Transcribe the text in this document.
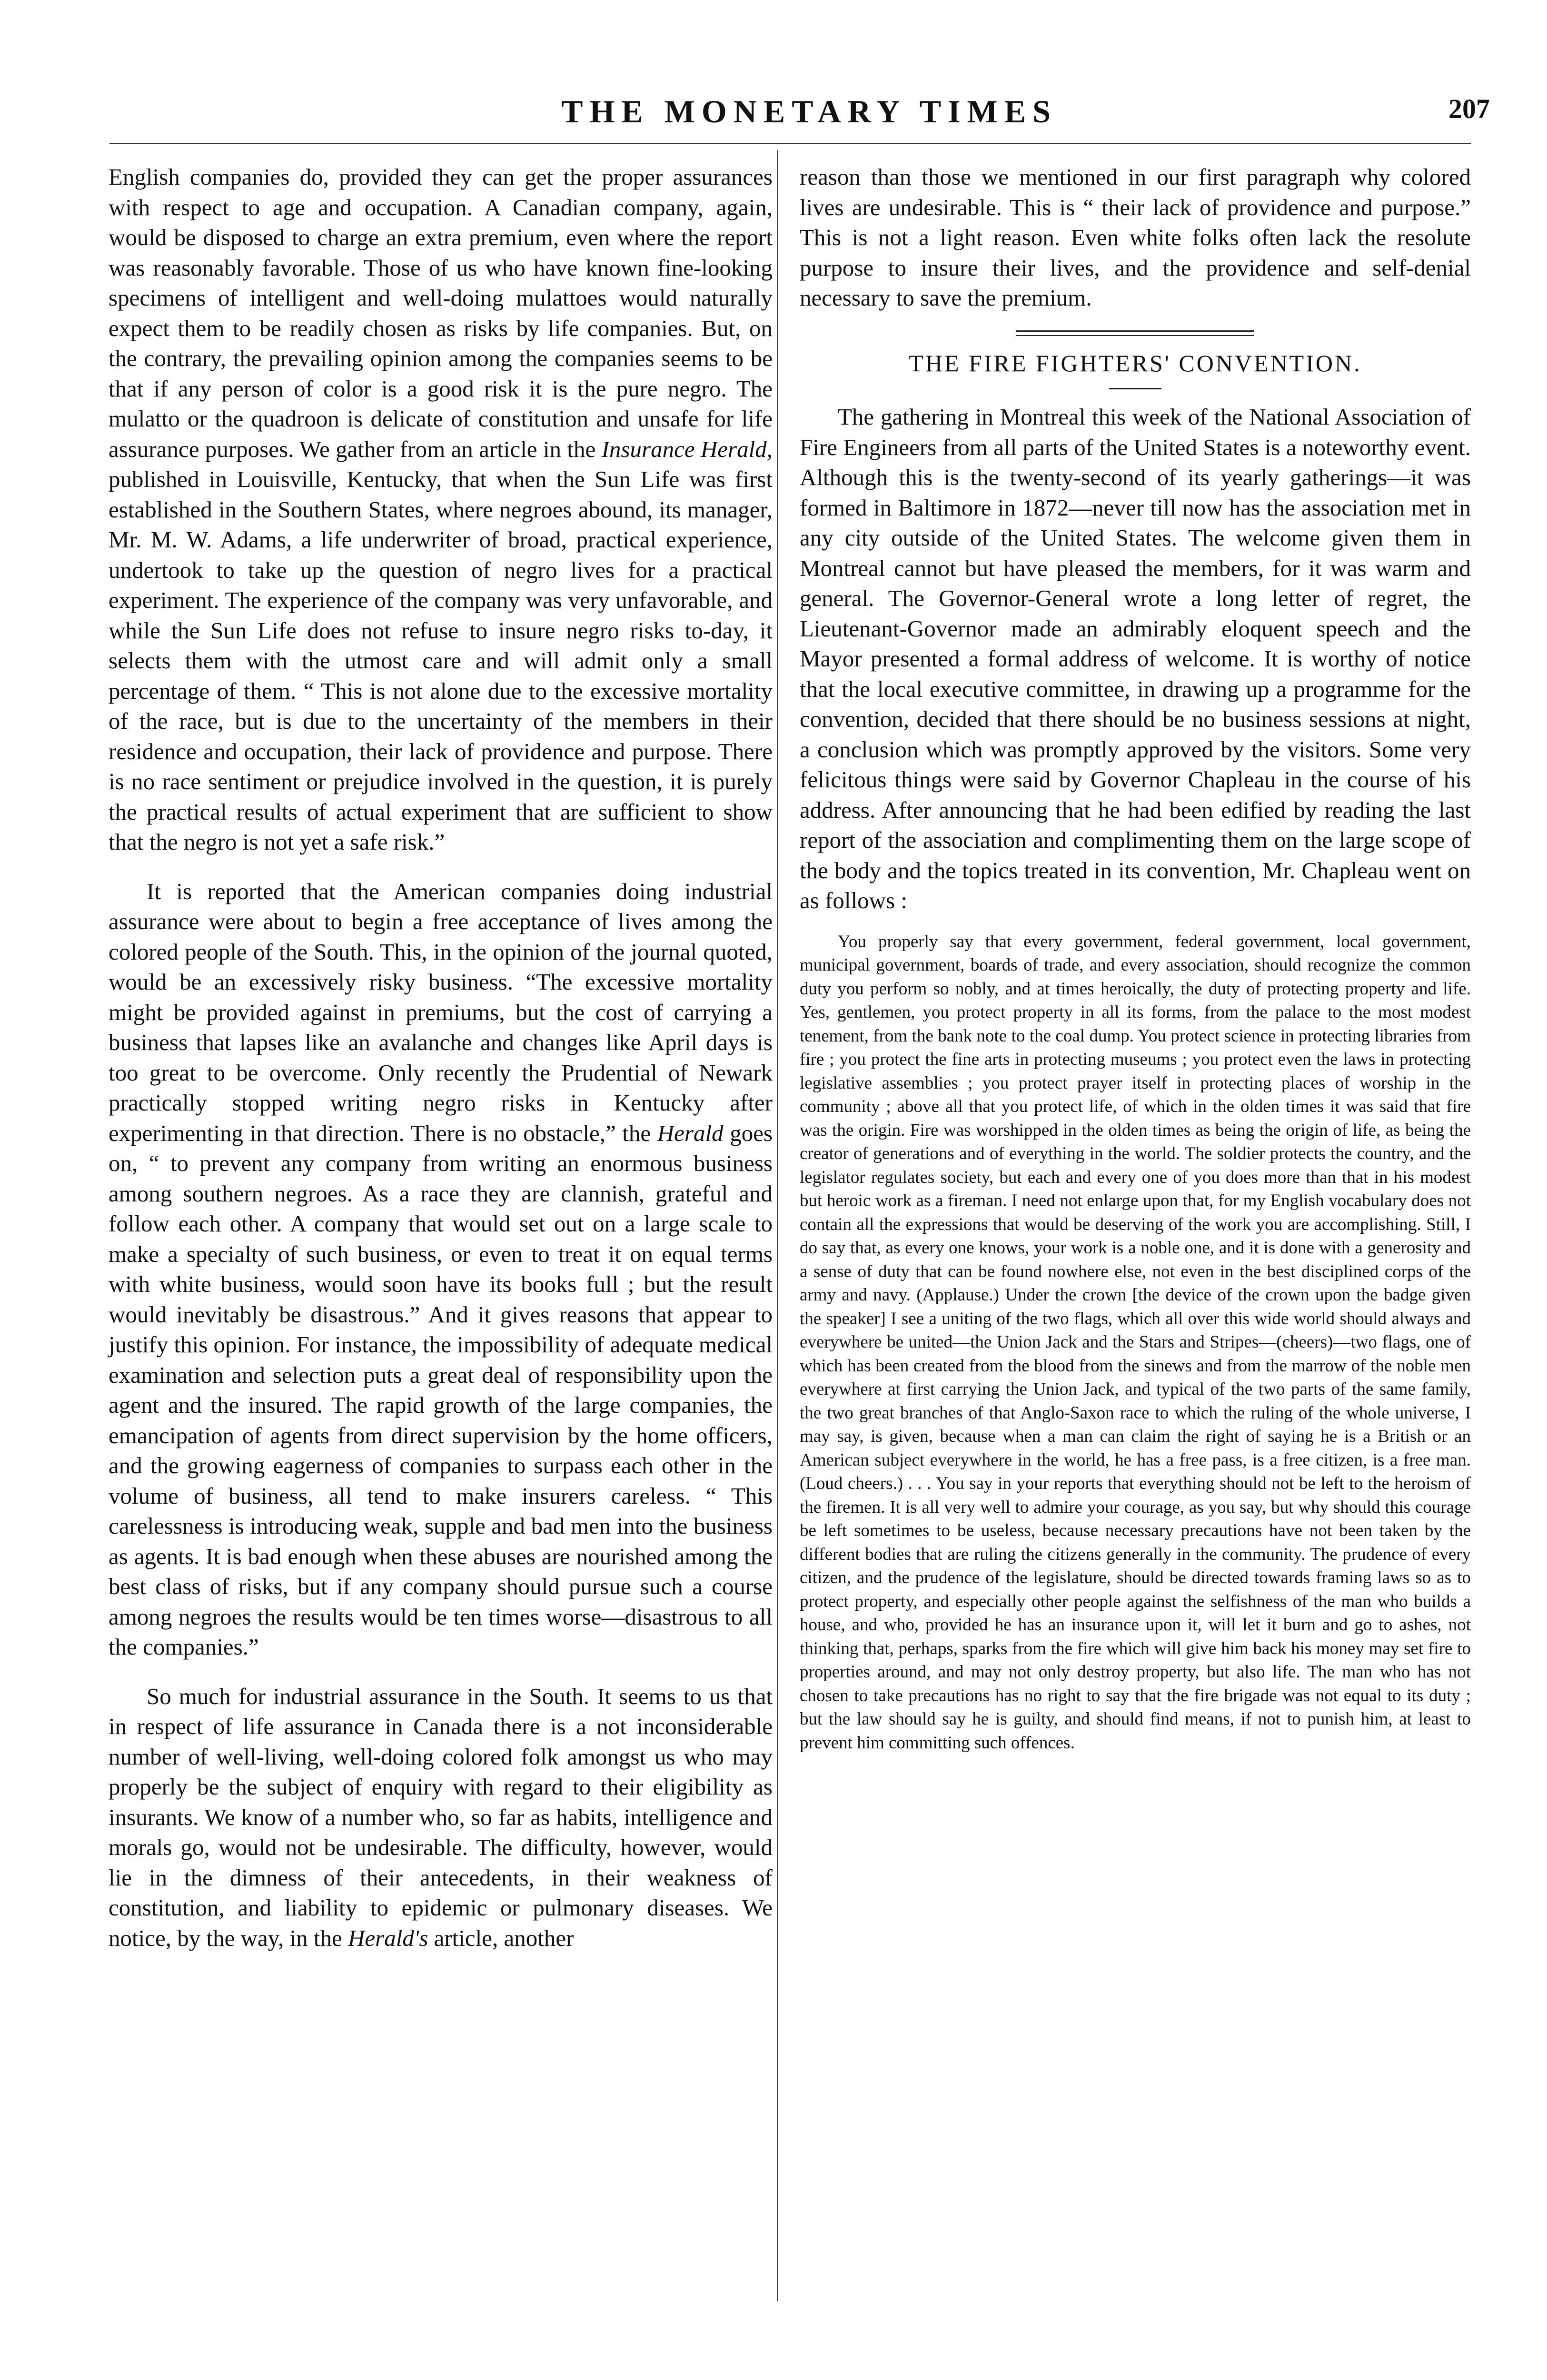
THE MONETARY TIMES	207

English companies do, provided they can get the proper assurances with respect to age and occupation. A Canadian company, again, would be disposed to charge an extra premium, even where the report was reasonably favorable. Those of us who have known fine-looking specimens of intelligent and well-doing mulattoes would naturally expect them to be readily chosen as risks by life companies. But, on the contrary, the prevailing opinion among the companies seems to be that if any person of color is a good risk it is the pure negro. The mulatto or the quadroon is delicate of constitution and unsafe for life assurance purposes. We gather from an article in the Insurance Herald, published in Louisville, Kentucky, that when the Sun Life was first established in the Southern States, where negroes abound, its manager, Mr. M. W. Adams, a life underwriter of broad, practical experience, undertook to take up the question of negro lives for a practical experiment. The experience of the company was very unfavorable, and while the Sun Life does not refuse to insure negro risks to-day, it selects them with the utmost care and will admit only a small percentage of them. “ This is not alone due to the excessive mortality of the race, but is due to the uncertainty of the members in their residence and occupation, their lack of providence and purpose. There is no race sentiment or prejudice involved in the question, it is purely the practical results of actual experiment that are sufficient to show that the negro is not yet a safe risk.”

It is reported that the American companies doing industrial assurance were about to begin a free acceptance of lives among the colored people of the South. This, in the opinion of the journal quoted, would be an excessively risky business. “The excessive mortality might be provided against in premiums, but the cost of carrying a business that lapses like an avalanche and changes like April days is too great to be overcome. Only recently the Prudential of Newark practically stopped writing negro risks in Kentucky after experimenting in that direction. There is no obstacle,” the Herald goes on, “ to prevent any company from writing an enormous business among southern negroes. As a race they are clannish, grateful and follow each other. A company that would set out on a large scale to make a specialty of such business, or even to treat it on equal terms with white business, would soon have its books full ; but the result would inevitably be disastrous.” And it gives reasons that appear to justify this opinion. For instance, the impossibility of adequate medical examination and selection puts a great deal of responsibility upon the agent and the insured. The rapid growth of the large companies, the emancipation of agents from direct supervision by the home officers, and the growing eagerness of companies to surpass each other in the volume of business, all tend to make insurers careless. “ This carelessness is introducing weak, supple and bad men into the business as agents. It is bad enough when these abuses are nourished among the best class of risks, but if any company should pursue such a course among negroes the results would be ten times worse—disastrous to all the companies.”

So much for industrial assurance in the South. It seems to us that in respect of life assurance in Canada there is a not inconsiderable number of well-living, well-doing colored folk amongst us who may properly be the subject of enquiry with regard to their eligibility as insurants. We know of a number who, so far as habits, intelligence and morals go, would not be undesirable. The difficulty, however, would lie in the dimness of their antecedents, in their weakness of constitution, and liability to epidemic or pulmonary diseases. We notice, by the way, in the Herald's article, another

reason than those we mentioned in our first paragraph why colored lives are undesirable. This is “ their lack of providence and purpose.” This is not a light reason. Even white folks often lack the resolute purpose to insure their lives, and the providence and self-denial necessary to save the premium.

THE FIRE FIGHTERS' CONVENTION.

The gathering in Montreal this week of the National Association of Fire Engineers from all parts of the United States is a noteworthy event. Although this is the twenty-second of its yearly gatherings—it was formed in Baltimore in 1872—never till now has the association met in any city outside of the United States. The welcome given them in Montreal cannot but have pleased the members, for it was warm and general. The Governor-General wrote a long letter of regret, the Lieutenant-Governor made an admirably eloquent speech and the Mayor presented a formal address of welcome. It is worthy of notice that the local executive committee, in drawing up a programme for the convention, decided that there should be no business sessions at night, a conclusion which was promptly approved by the visitors. Some very felicitous things were said by Governor Chapleau in the course of his address. After announcing that he had been edified by reading the last report of the association and complimenting them on the large scope of the body and the topics treated in its convention, Mr. Chapleau went on as follows :

You properly say that every government, federal government, local government, municipal government, boards of trade, and every association, should recognize the common duty you perform so nobly, and at times heroically, the duty of protecting property and life. Yes, gentlemen, you protect property in all its forms, from the palace to the most modest tenement, from the bank note to the coal dump. You protect science in protecting libraries from fire ; you protect the fine arts in protecting museums ; you protect even the laws in protecting legislative assemblies ; you protect prayer itself in protecting places of worship in the community ; above all that you protect life, of which in the olden times it was said that fire was the origin. Fire was worshipped in the olden times as being the origin of life, as being the creator of generations and of everything in the world. The soldier protects the country, and the legislator regulates society, but each and every one of you does more than that in his modest but heroic work as a fireman. I need not enlarge upon that, for my English vocabulary does not contain all the expressions that would be deserving of the work you are accomplishing. Still, I do say that, as every one knows, your work is a noble one, and it is done with a generosity and a sense of duty that can be found nowhere else, not even in the best disciplined corps of the army and navy. (Applause.) Under the crown [the device of the crown upon the badge given the speaker] I see a uniting of the two flags, which all over this wide world should always and everywhere be united—the Union Jack and the Stars and Stripes—(cheers)—two flags, one of which has been created from the blood from the sinews and from the marrow of the noble men everywhere at first carrying the Union Jack, and typical of the two parts of the same family, the two great branches of that Anglo-Saxon race to which the ruling of the whole universe, I may say, is given, because when a man can claim the right of saying he is a British or an American subject everywhere in the world, he has a free pass, is a free citizen, is a free man. (Loud cheers.) . . . You say in your reports that everything should not be left to the heroism of the firemen. It is all very well to admire your courage, as you say, but why should this courage be left sometimes to be useless, because necessary precautions have not been taken by the different bodies that are ruling the citizens generally in the community. The prudence of every citizen, and the prudence of the legislature, should be directed towards framing laws so as to protect property, and especially other people against the selfishness of the man who builds a house, and who, provided he has an insurance upon it, will let it burn and go to ashes, not thinking that, perhaps, sparks from the fire which will give him back his money may set fire to properties around, and may not only destroy property, but also life. The man who has not chosen to take precautions has no right to say that the fire brigade was not equal to its duty ; but the law should say he is guilty, and should find means, if not to punish him, at least to prevent him committing such offences.
